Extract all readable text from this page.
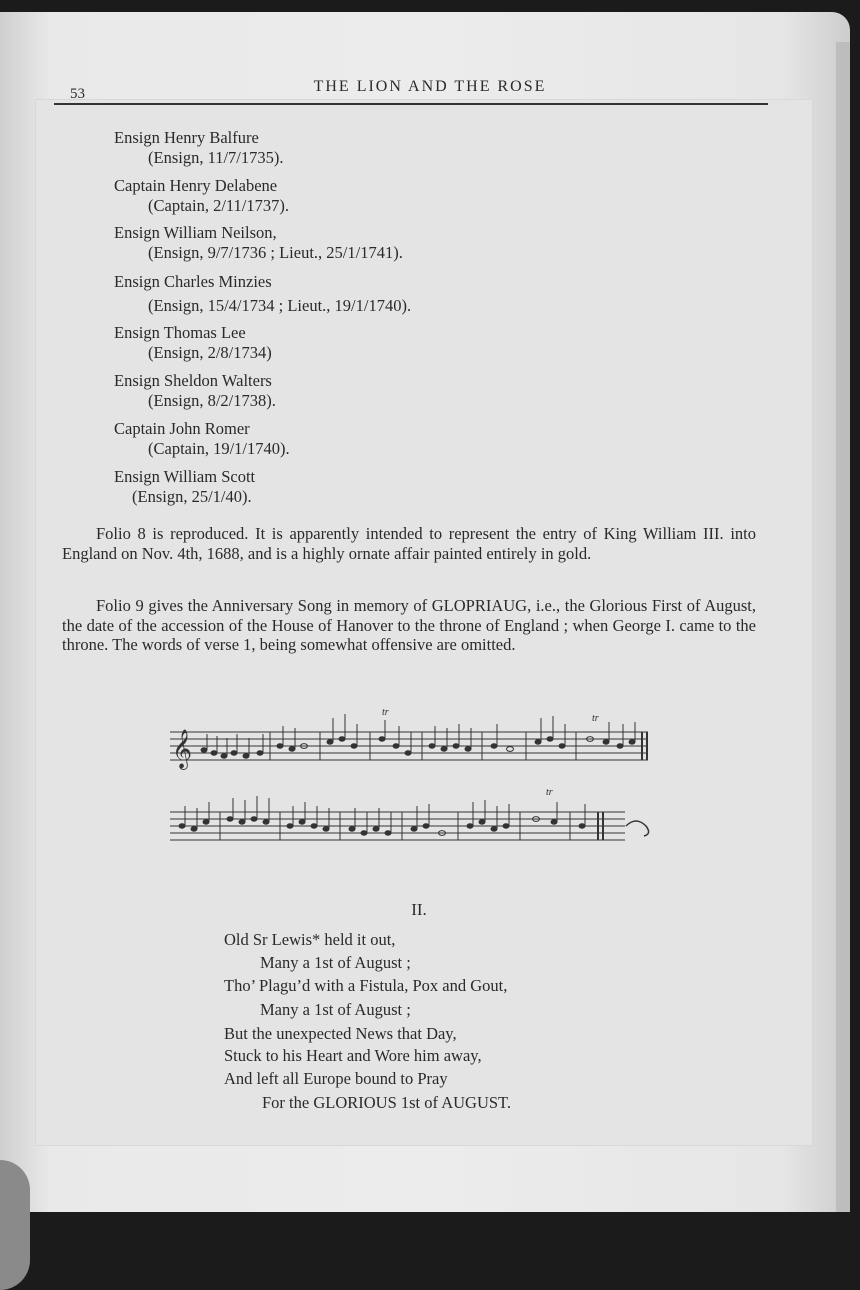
53	THE LION AND THE ROSE
Ensign Henry Balfure
(Ensign, 11/7/1735).
Captain Henry Delabene
(Captain, 2/11/1737).
Ensign William Neilson,
(Ensign, 9/7/1736 ; Lieut., 25/1/1741).
Ensign Charles Minzies
(Ensign, 15/4/1734 ; Lieut., 19/1/1740).
Ensign Thomas Lee
(Ensign, 2/8/1734)
Ensign Sheldon Walters
(Ensign, 8/2/1738).
Captain John Romer
(Captain, 19/1/1740).
Ensign William Scott
(Ensign, 25/1/40).
Folio 8 is reproduced. It is apparently intended to represent the entry of King William III. into England on Nov. 4th, 1688, and is a highly ornate affair painted entirely in gold.
Folio 9 gives the Anniversary Song in memory of GLOPRIAUG, i.e., the Glorious First of August, the date of the accession of the House of Hanover to the throne of England ; when George I. came to the throne. The words of verse 1, being somewhat offensive are omitted.
𝄞
tr
tr
tr
II.
Old Sr Lewis* held it out,
Many a 1st of August ;
Tho’ Plagu’d with a Fistula, Pox and Gout,
Many a 1st of August ;
But the unexpected News that Day,
Stuck to his Heart and Wore him away,
And left all Europe bound to Pray
For the GLORIOUS 1st of AUGUST.
